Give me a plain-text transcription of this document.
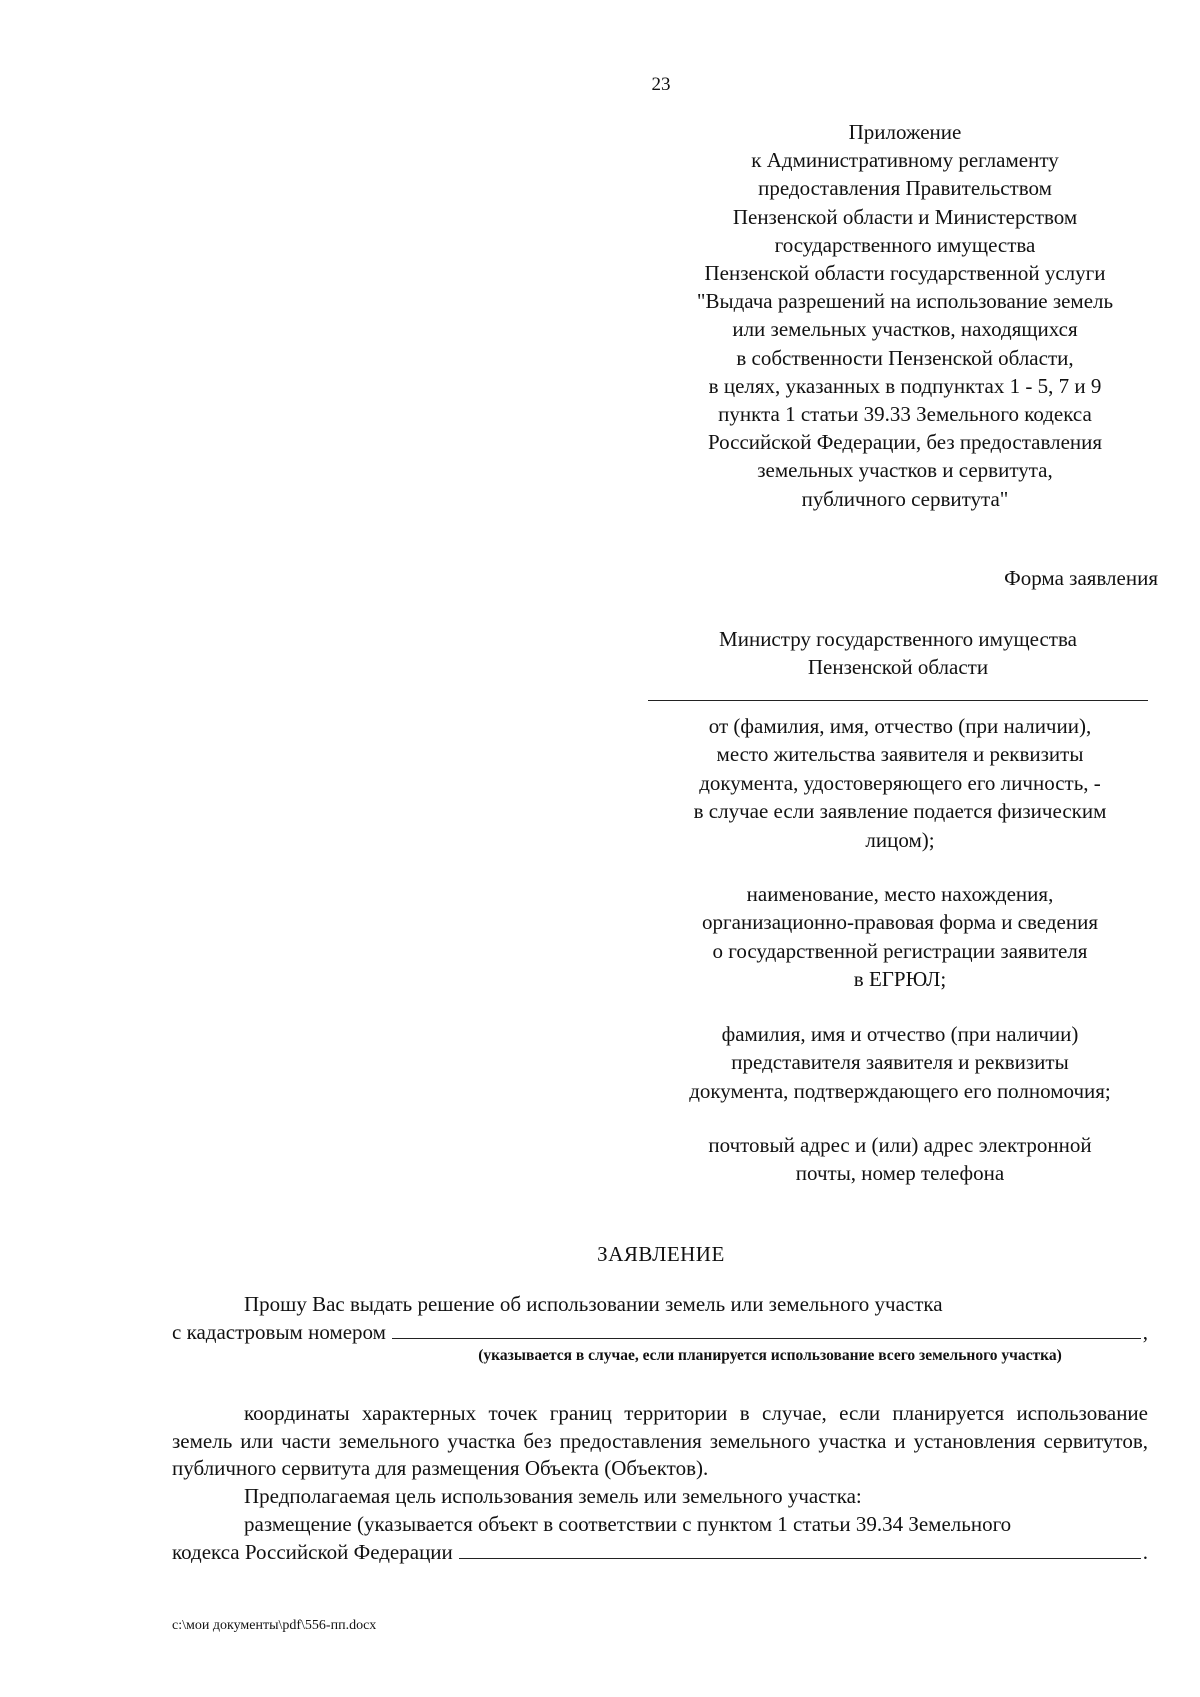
23
Приложение
к Административному регламенту
предоставления Правительством
Пензенской области и Министерством
государственного имущества
Пензенской области государственной услуги
"Выдача разрешений на использование земель
или земельных участков, находящихся
в собственности Пензенской области,
в целях, указанных в подпунктах 1 - 5, 7 и 9
пункта 1 статьи 39.33 Земельного кодекса
Российской Федерации, без предоставления
земельных участков и сервитута,
публичного сервитута"
Форма заявления
Министру государственного имущества
Пензенской области
от (фамилия, имя, отчество (при наличии),
место жительства заявителя и реквизиты
документа, удостоверяющего его личность, -
в случае если заявление подается физическим
лицом);
наименование, место нахождения,
организационно-правовая форма и сведения
о государственной регистрации заявителя
в ЕГРЮЛ;
фамилия, имя и отчество (при наличии)
представителя заявителя и реквизиты
документа, подтверждающего его полномочия;
почтовый адрес и (или) адрес электронной
почты, номер телефона
ЗАЯВЛЕНИЕ
Прошу Вас выдать решение об использовании земель или земельного участка
с кадастровым номером	,
(указывается в случае, если планируется использование всего земельного участка)
координаты характерных точек границ территории в случае, если планируется использование земель или части земельного участка без предоставления земельного участка и установления сервитутов, публичного сервитута для размещения Объекта (Объектов).
Предполагаемая цель использования земель или земельного участка:
размещение (указывается объект в соответствии с пунктом 1 статьи 39.34 Земельного
кодекса Российской Федерации	.
c:\мои документы\pdf\556-пп.docx
